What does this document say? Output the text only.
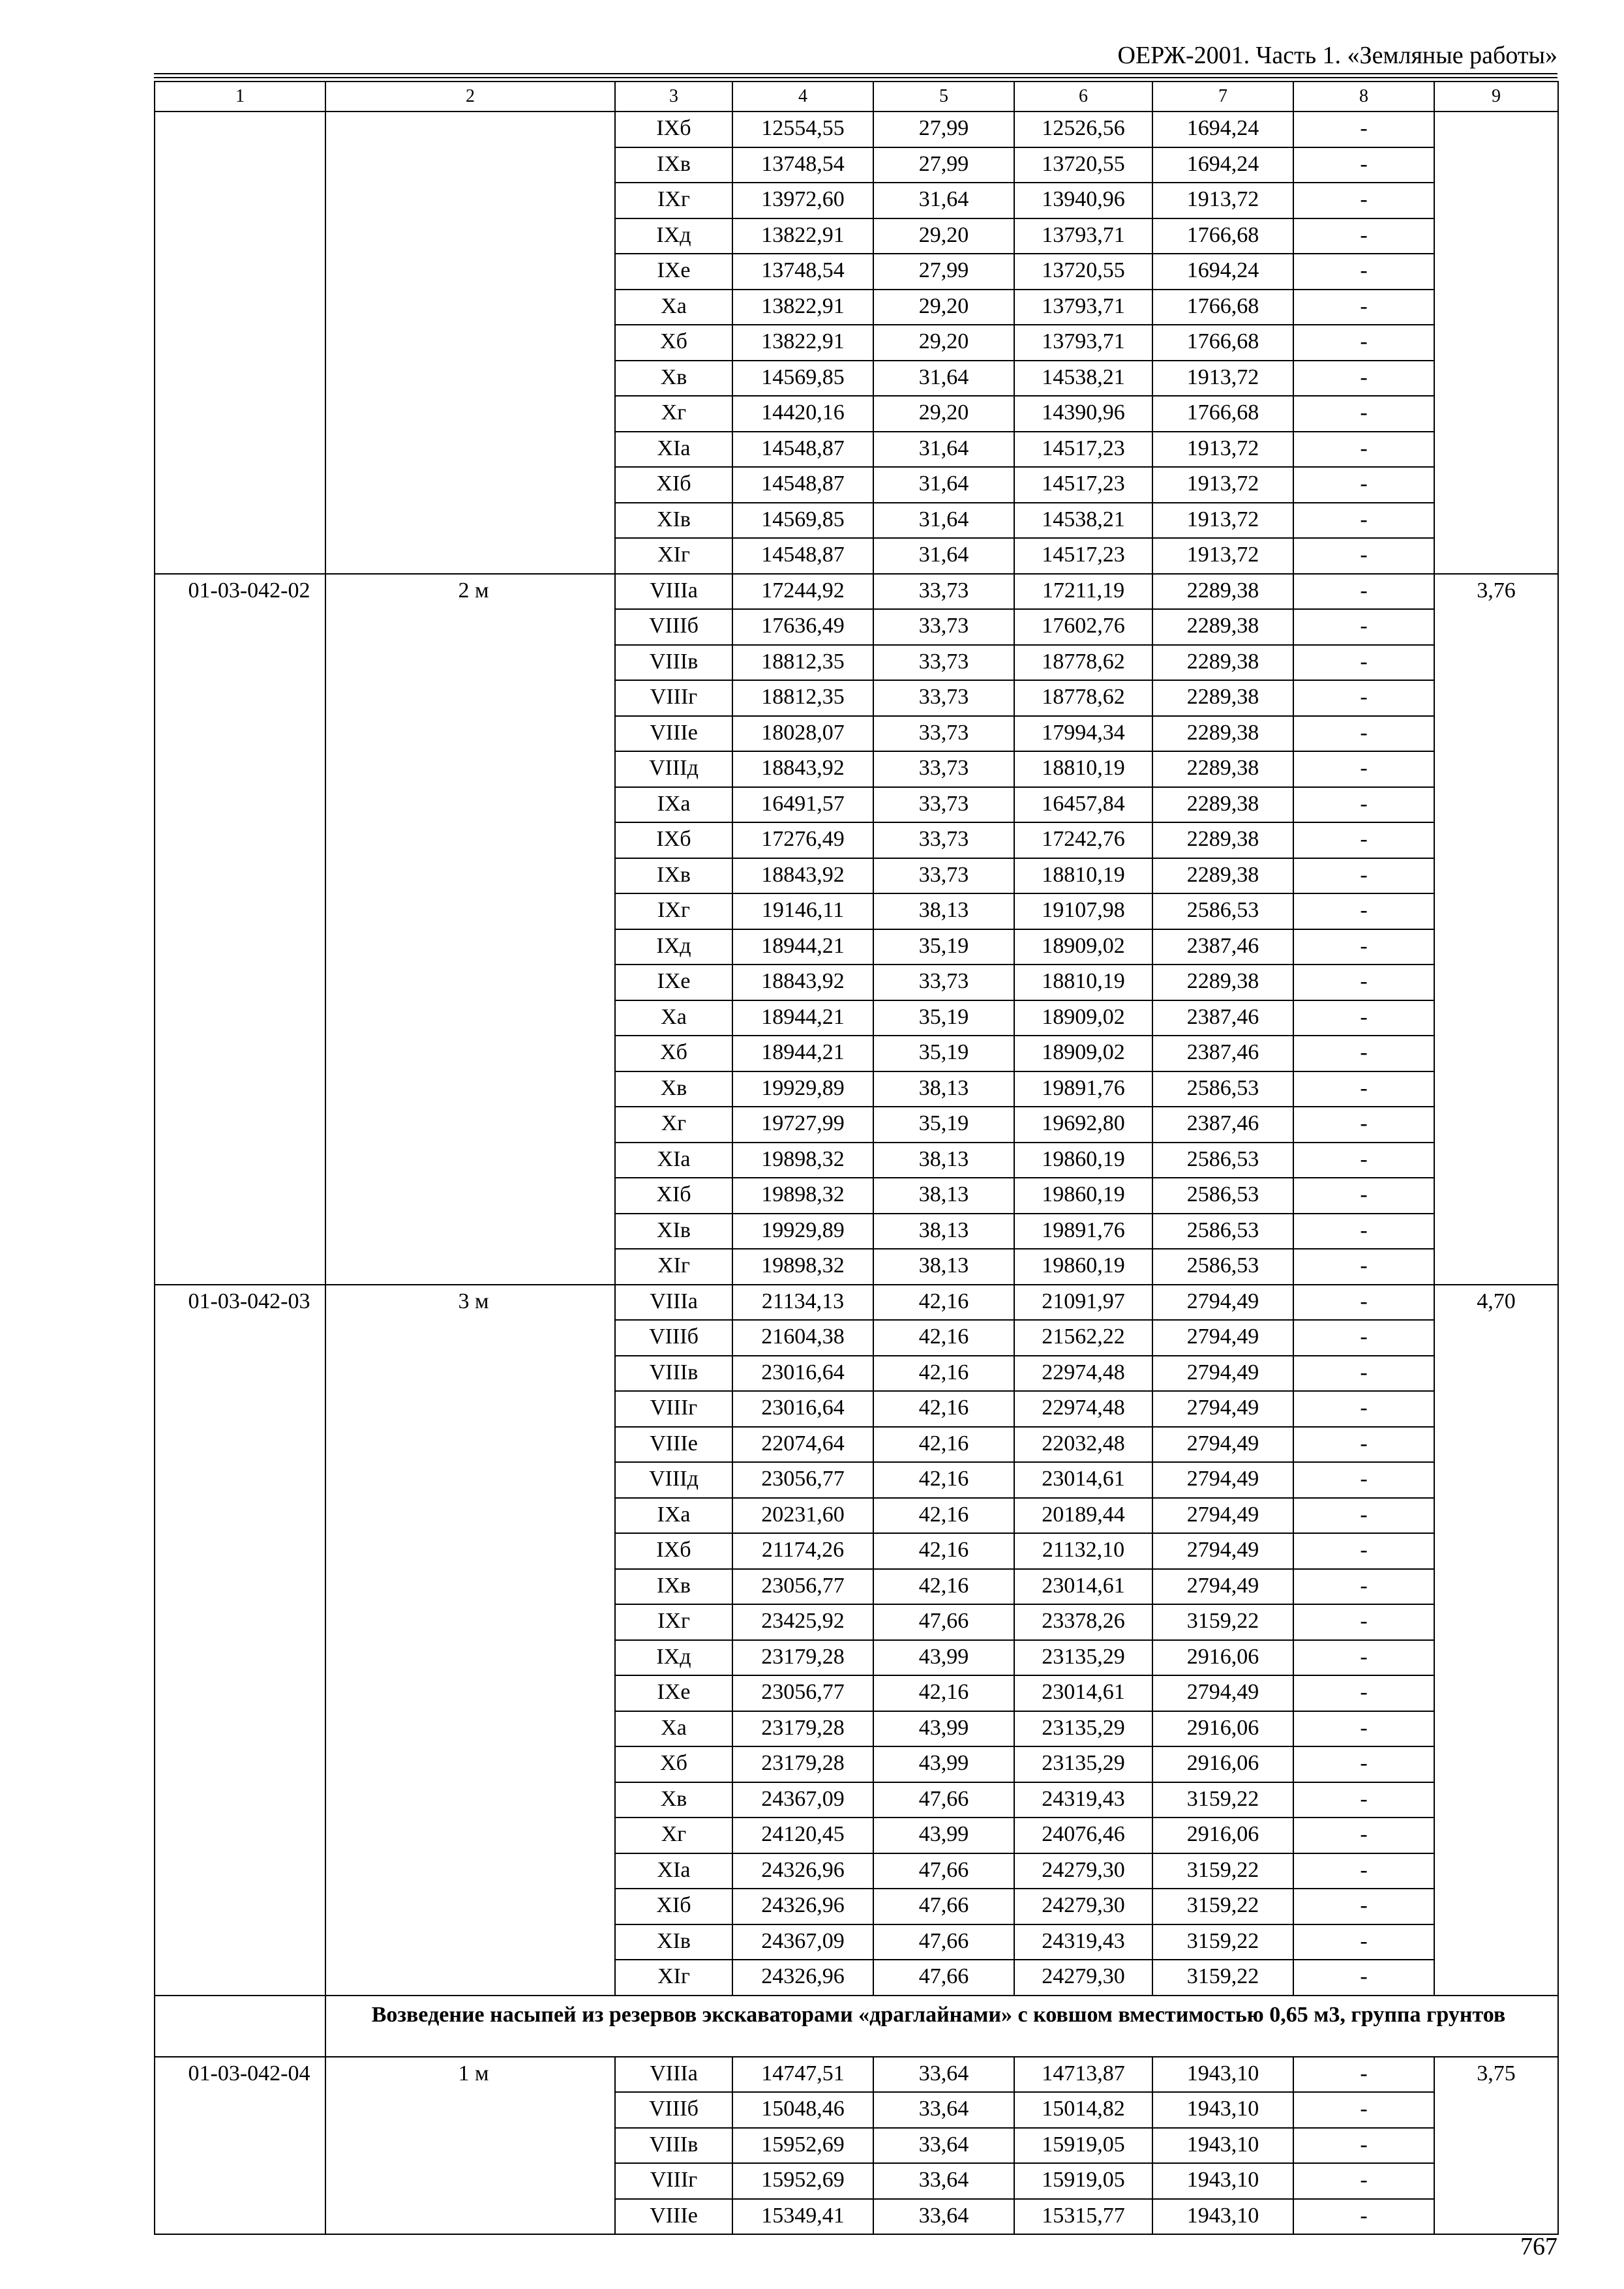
ОЕРЖ-2001. Часть 1. «Земляные работы»
1	2	3	4	5	6	7	8	9
		IXб	12554,55	27,99	12526,56	1694,24	-	
		IXв	13748,54	27,99	13720,55	1694,24	-	
		IXг	13972,60	31,64	13940,96	1913,72	-	
		IXд	13822,91	29,20	13793,71	1766,68	-	
		IXе	13748,54	27,99	13720,55	1694,24	-	
		Xа	13822,91	29,20	13793,71	1766,68	-	
		Xб	13822,91	29,20	13793,71	1766,68	-	
		Xв	14569,85	31,64	14538,21	1913,72	-	
		Xг	14420,16	29,20	14390,96	1766,68	-	
		XIа	14548,87	31,64	14517,23	1913,72	-	
		XIб	14548,87	31,64	14517,23	1913,72	-	
		XIв	14569,85	31,64	14538,21	1913,72	-	
		XIг	14548,87	31,64	14517,23	1913,72	-	
01-03-042-02	2 м	VIIIа	17244,92	33,73	17211,19	2289,38	-	3,76
		VIIIб	17636,49	33,73	17602,76	2289,38	-	
		VIIIв	18812,35	33,73	18778,62	2289,38	-	
		VIIIг	18812,35	33,73	18778,62	2289,38	-	
		VIIIе	18028,07	33,73	17994,34	2289,38	-	
		VIIIд	18843,92	33,73	18810,19	2289,38	-	
		IXа	16491,57	33,73	16457,84	2289,38	-	
		IXб	17276,49	33,73	17242,76	2289,38	-	
		IXв	18843,92	33,73	18810,19	2289,38	-	
		IXг	19146,11	38,13	19107,98	2586,53	-	
		IXд	18944,21	35,19	18909,02	2387,46	-	
		IXе	18843,92	33,73	18810,19	2289,38	-	
		Xа	18944,21	35,19	18909,02	2387,46	-	
		Xб	18944,21	35,19	18909,02	2387,46	-	
		Xв	19929,89	38,13	19891,76	2586,53	-	
		Xг	19727,99	35,19	19692,80	2387,46	-	
		XIа	19898,32	38,13	19860,19	2586,53	-	
		XIб	19898,32	38,13	19860,19	2586,53	-	
		XIв	19929,89	38,13	19891,76	2586,53	-	
		XIг	19898,32	38,13	19860,19	2586,53	-	
01-03-042-03	3 м	VIIIа	21134,13	42,16	21091,97	2794,49	-	4,70
		VIIIб	21604,38	42,16	21562,22	2794,49	-	
		VIIIв	23016,64	42,16	22974,48	2794,49	-	
		VIIIг	23016,64	42,16	22974,48	2794,49	-	
		VIIIе	22074,64	42,16	22032,48	2794,49	-	
		VIIIд	23056,77	42,16	23014,61	2794,49	-	
		IXа	20231,60	42,16	20189,44	2794,49	-	
		IXб	21174,26	42,16	21132,10	2794,49	-	
		IXв	23056,77	42,16	23014,61	2794,49	-	
		IXг	23425,92	47,66	23378,26	3159,22	-	
		IXд	23179,28	43,99	23135,29	2916,06	-	
		IXе	23056,77	42,16	23014,61	2794,49	-	
		Xа	23179,28	43,99	23135,29	2916,06	-	
		Xб	23179,28	43,99	23135,29	2916,06	-	
		Xв	24367,09	47,66	24319,43	3159,22	-	
		Xг	24120,45	43,99	24076,46	2916,06	-	
		XIа	24326,96	47,66	24279,30	3159,22	-	
		XIб	24326,96	47,66	24279,30	3159,22	-	
		XIв	24367,09	47,66	24319,43	3159,22	-	
		XIг	24326,96	47,66	24279,30	3159,22	-	
	Возведение насыпей из резервов экскаваторами «драглайнами» с ковшом вместимостью 0,65 м3, группа грунтов							
01-03-042-04	1 м	VIIIа	14747,51	33,64	14713,87	1943,10	-	3,75
		VIIIб	15048,46	33,64	15014,82	1943,10	-	
		VIIIв	15952,69	33,64	15919,05	1943,10	-	
		VIIIг	15952,69	33,64	15919,05	1943,10	-	
		VIIIе	15349,41	33,64	15315,77	1943,10	-	
767
